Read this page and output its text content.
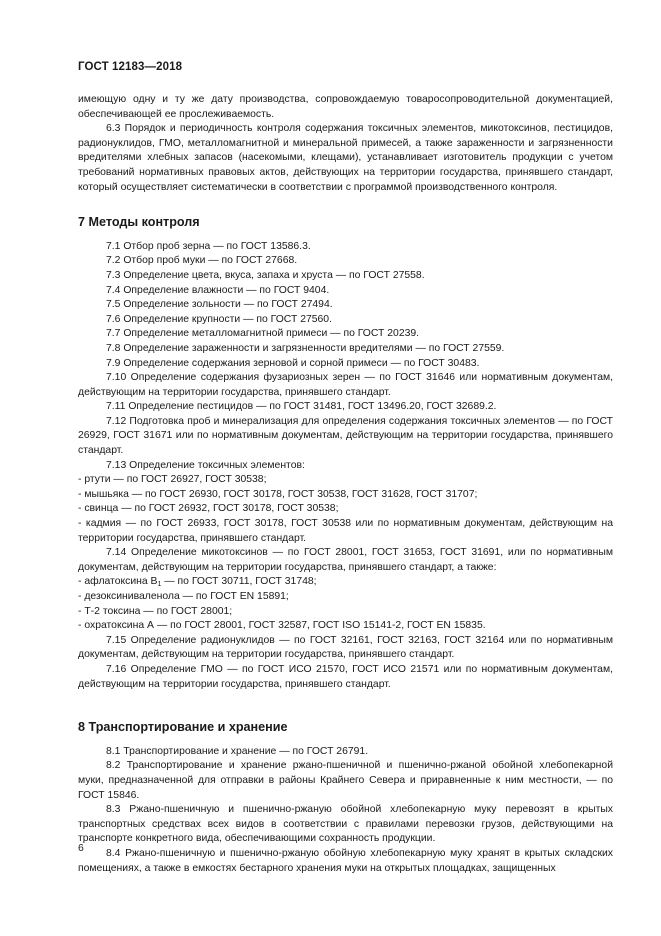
ГОСТ 12183—2018

имеющую одну и ту же дату производства, сопровождаемую товаросопроводительной документацией, обеспечивающей ее прослеживаемость.

6.3 Порядок и периодичность контроля содержания токсичных элементов, микотоксинов, пестицидов, радионуклидов, ГМО, металломагнитной и минеральной примесей, а также зараженности и загрязненности вредителями хлебных запасов (насекомыми, клещами), устанавливает изготовитель продукции с учетом требований нормативных правовых актов, действующих на территории государства, принявшего стандарт, который осуществляет систематически в соответствии с программой производственного контроля.

7 Методы контроля

7.1 Отбор проб зерна — по ГОСТ 13586.3.

7.2 Отбор проб муки — по ГОСТ 27668.

7.3 Определение цвета, вкуса, запаха и хруста — по ГОСТ 27558.

7.4 Определение влажности — по ГОСТ 9404.

7.5 Определение зольности — по ГОСТ 27494.

7.6 Определение крупности — по ГОСТ 27560.

7.7 Определение металломагнитной примеси — по ГОСТ 20239.

7.8 Определение зараженности и загрязненности вредителями — по ГОСТ 27559.

7.9 Определение содержания зерновой и сорной примеси — по ГОСТ 30483.

7.10 Определение содержания фузариозных зерен — по ГОСТ 31646 или нормативным документам, действующим на территории государства, принявшего стандарт.

7.11 Определение пестицидов — по ГОСТ 31481, ГОСТ 13496.20, ГОСТ 32689.2.

7.12 Подготовка проб и минерализация для определения содержания токсичных элементов — по ГОСТ 26929, ГОСТ 31671 или по нормативным документам, действующим на территории государства, принявшего стандарт.

7.13 Определение токсичных элементов:

- ртути — по ГОСТ 26927, ГОСТ 30538;

- мышьяка — по ГОСТ 26930, ГОСТ 30178, ГОСТ 30538, ГОСТ 31628, ГОСТ 31707;

- свинца — по ГОСТ 26932, ГОСТ 30178, ГОСТ 30538;

- кадмия — по ГОСТ 26933, ГОСТ 30178, ГОСТ 30538 или по нормативным документам, действующим на территории государства, принявшего стандарт.

7.14 Определение микотоксинов — по ГОСТ 28001, ГОСТ 31653, ГОСТ 31691, или по нормативным документам, действующим на территории государства, принявшего стандарт, а также:

- афлатоксина $В_1$ — по ГОСТ 30711, ГОСТ 31748;

- дезоксиниваленола — по ГОСТ EN 15891;

- Т-2 токсина — по ГОСТ 28001;

- охратоксина А — по ГОСТ 28001, ГОСТ 32587, ГОСТ ISO 15141-2, ГОСТ EN 15835.

7.15 Определение радионуклидов — по ГОСТ 32161, ГОСТ 32163, ГОСТ 32164 или по нормативным документам, действующим на территории государства, принявшего стандарт.

7.16 Определение ГМО — по ГОСТ ИСО 21570, ГОСТ ИСО 21571 или по нормативным документам, действующим на территории государства, принявшего стандарт.

8 Транспортирование и хранение

8.1 Транспортирование и хранение — по ГОСТ 26791.

8.2 Транспортирование и хранение ржано-пшеничной и пшенично-ржаной обойной хлебопекарной муки, предназначенной для отправки в районы Крайнего Севера и приравненные к ним местности, — по ГОСТ 15846.

8.3 Ржано-пшеничную и пшенично-ржаную обойной хлебопекарную муку перевозят в крытых транспортных средствах всех видов в соответствии с правилами перевозки грузов, действующими на транспорте конкретного вида, обеспечивающими сохранность продукции.

8.4 Ржано-пшеничную и пшенично-ржаную обойную хлебопекарную муку хранят в крытых складских помещениях, а также в емкостях бестарного хранения муки на открытых площадках, защищенных

6
